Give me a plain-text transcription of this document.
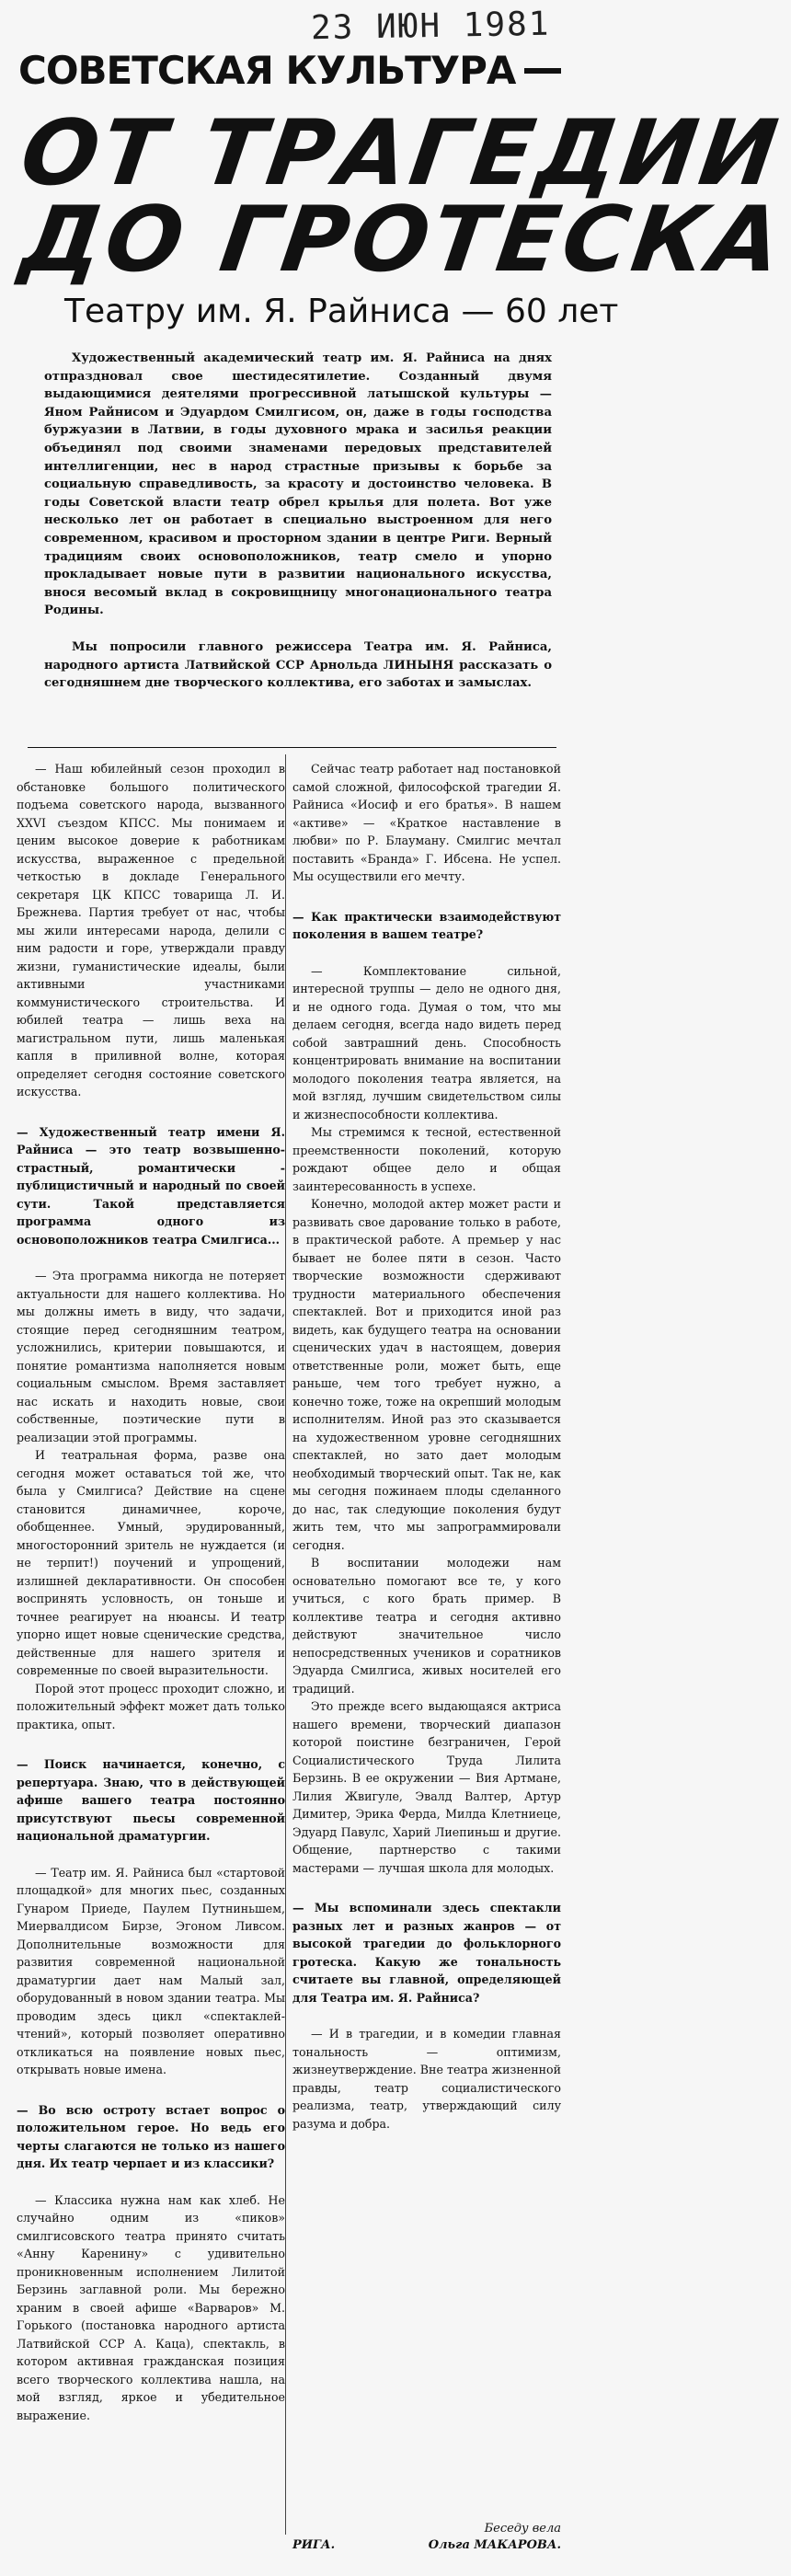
23 ИЮН 1981
СОВЕТСКАЯ КУЛЬТУРА
ОТ ТРАГЕДИИ
ДО ГРОТЕСКА
Театру им. Я. Райниса — 60 лет

Художественный академический театр им. Я. Райниса на днях отпраздновал свое шестидесятилетие. Созданный двумя выдающимися деятелями прогрессивной латышской культуры — Яном Райнисом и Эдуардом Смилгисом, он, даже в годы господства буржуазии в Латвии, в годы духовного мрака и засилья реакции объединял под своими знаменами передовых представителей интеллигенции, нес в народ страстные призывы к борьбе за социальную справедливость, за красоту и достоинство человека. В годы Советской власти театр обрел крылья для полета. Вот уже несколько лет он работает в специально выстроенном для него современном, красивом и просторном здании в центре Риги. Верный традициям своих основоположников, театр смело и упорно прокладывает новые пути в развитии национального искусства, внося весомый вклад в сокровищницу многонационального театра Родины.

Мы попросили главного режиссера Театра им. Я. Райниса, народного артиста Латвийской ССР Арнольда ЛИНЫНЯ рассказать о сегодняшнем дне творческого коллектива, его заботах и замыслах.

— Наш юбилейный сезон проходил в обстановке большого политического подъема советского народа, вызванного XXVI съездом КПСС. Мы понимаем и ценим высокое доверие к работникам искусства, выраженное с предельной четкостью в докладе Генерального секретаря ЦК КПСС товарища Л. И. Брежнева. Партия требует от нас, чтобы мы жили интересами народа, делили с ним радости и горе, утверждали правду жизни, гуманистические идеалы, были активными участниками коммунистического строительства. И юбилей театра — лишь веха на магистральном пути, лишь маленькая капля в приливной волне, которая определяет сегодня состояние советского искусства.

— Художественный театр имени Я. Райниса — это театр возвышенно-страстный, романтически - публицистичный и народный по своей сути. Такой представляется программа одного из основоположников театра Смилгиса...

— Эта программа никогда не потеряет актуальности для нашего коллектива. Но мы должны иметь в виду, что задачи, стоящие перед сегодняшним театром, усложнились, критерии повышаются, и понятие романтизма наполняется новым социальным смыслом. Время заставляет нас искать и находить новые, свои собственные, поэтические пути в реализации этой программы.

И театральная форма, разве она сегодня может оставаться той же, что была у Смилгиса? Действие на сцене становится динамичнее, короче, обобщеннее. Умный, эрудированный, многосторонний зритель не нуждается (и не терпит!) поучений и упрощений, излишней декларативности. Он способен воспринять условность, он тоньше и точнее реагирует на нюансы. И театр упорно ищет новые сценические средства, действенные для нашего зрителя и современные по своей выразительности.

Порой этот процесс проходит сложно, и положительный эффект может дать только практика, опыт.

— Поиск начинается, конечно, с репертуара. Знаю, что в действующей афише вашего театра постоянно присутствуют пьесы современной национальной драматургии.

— Театр им. Я. Райниса был «стартовой площадкой» для многих пьес, созданных Гунаром Приеде, Паулем Путниньшем, Миервалдисом Бирзе, Эгоном Ливсом. Дополнительные возможности для развития современной национальной драматургии дает нам Малый зал, оборудованный в новом здании театра. Мы проводим здесь цикл «спектаклей-чтений», который позволяет оперативно откликаться на появление новых пьес, открывать новые имена.

— Во всю остроту встает вопрос о положительном герое. Но ведь его черты слагаются не только из нашего дня. Их театр черпает и из классики?

— Классика нужна нам как хлеб. Не случайно одним из «пиков» смилгисовского театра принято считать «Анну Каренину» с удивительно проникновенным исполнением Лилитой Берзинь заглавной роли. Мы бережно храним в своей афише «Варваров» М. Горького (постановка народного артиста Латвийской ССР А. Каца), спектакль, в котором активная гражданская позиция всего творческого коллектива нашла, на мой взгляд, яркое и убедительное выражение.

Сейчас театр работает над постановкой самой сложной, философской трагедии Я. Райниса «Иосиф и его братья». В нашем «активе» — «Краткое наставление в любви» по Р. Блауману. Смилгис мечтал поставить «Бранда» Г. Ибсена. Не успел. Мы осуществили его мечту.

— Как практически взаимодействуют поколения в вашем театре?

— Комплектование сильной, интересной труппы — дело не одного дня, и не одного года. Думая о том, что мы делаем сегодня, всегда надо видеть перед собой завтрашний день. Способность концентрировать внимание на воспитании молодого поколения театра является, на мой взгляд, лучшим свидетельством силы и жизнеспособности коллектива.

Мы стремимся к тесной, естественной преемственности поколений, которую рождают общее дело и общая заинтересованность в успехе.

Конечно, молодой актер может расти и развивать свое дарование только в работе, в практической работе. А премьер у нас бывает не более пяти в сезон. Часто творческие возможности сдерживают трудности материального обеспечения спектаклей. Вот и приходится иной раз видеть, как будущего театра на основании сценических удач в настоящем, доверия ответственные роли, может быть, еще раньше, чем того требует нужно, а конечно тоже, тоже на окрепший молодым исполнителям. Иной раз это сказывается на художественном уровне сегодняшних спектаклей, но зато дает молодым необходимый творческий опыт. Так не, как мы сегодня пожинаем плоды сделанного до нас, так следующие поколения будут жить тем, что мы запрограммировали сегодня.

В воспитании молодежи нам основательно помогают все те, у кого учиться, с кого брать пример. В коллективе театра и сегодня активно действуют значительное число непосредственных учеников и соратников Эдуарда Смилгиса, живых носителей его традиций.

Это прежде всего выдающаяся актриса нашего времени, творческий диапазон которой поистине безграничен, Герой Социалистического Труда Лилита Берзинь. В ее окружении — Вия Артмане, Лилия Жвигуле, Эвалд Валтер, Артур Димитер, Эрика Ферда, Милда Клетниеце, Эдуард Павулс, Харий Лиепиньш и другие. Общение, партнерство с такими мастерами — лучшая школа для молодых.

— Мы вспоминали здесь спектакли разных лет и разных жанров — от высокой трагедии до фольклорного гротеска. Какую же тональность считаете вы главной, определяющей для Театра им. Я. Райниса?

— И в трагедии, и в комедии главная тональность — оптимизм, жизнеутверждение. Вне театра жизненной правды, театр социалистического реализма, театр, утверждающий силу разума и добра.

Беседу вела
РИГА.	Ольга МАКАРОВА.
